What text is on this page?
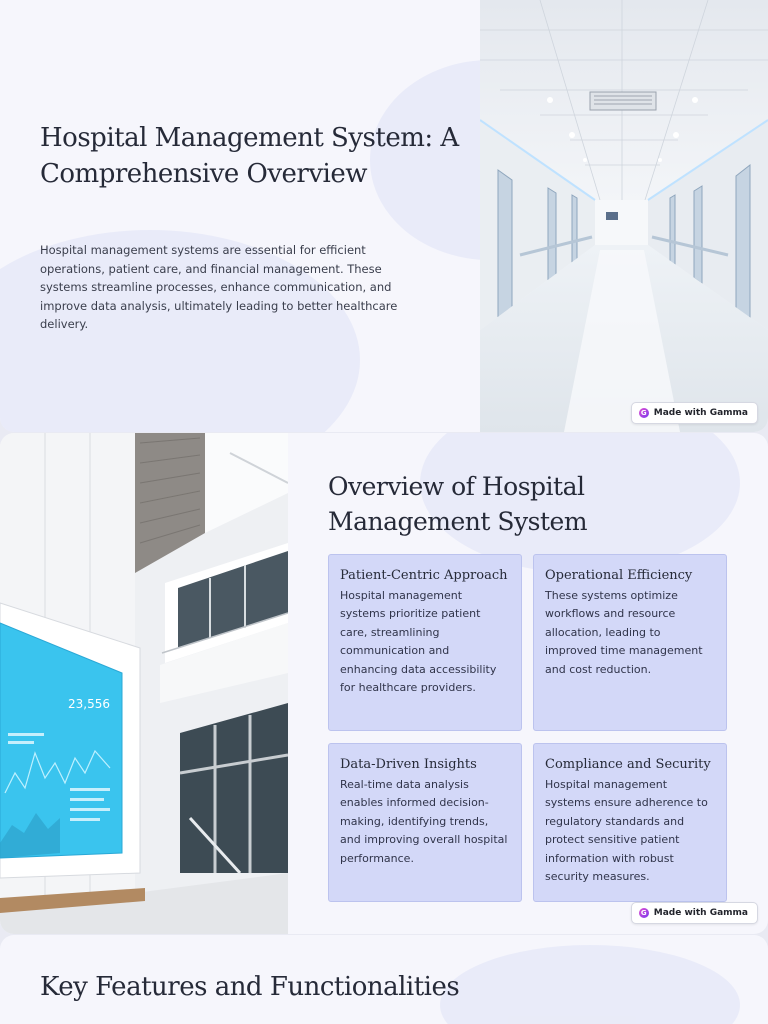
Hospital Management System: A Comprehensive Overview

Hospital management systems are essential for efficient operations, patient care, and financial management. These systems streamline processes, enhance communication, and improve data analysis, ultimately leading to better healthcare delivery.

G Made with Gamma
23,556
Overview of Hospital Management System
Patient-Centric Approach
Hospital management systems prioritize patient care, streamlining communication and enhancing data accessibility for healthcare providers.
Operational Efficiency
These systems optimize workflows and resource allocation, leading to improved time management and cost reduction.
Data-Driven Insights
Real-time data analysis enables informed decision-making, identifying trends, and improving overall hospital performance.
Compliance and Security
Hospital management systems ensure adherence to regulatory standards and protect sensitive patient information with robust security measures.
G Made with Gamma
Key Features and Functionalities
